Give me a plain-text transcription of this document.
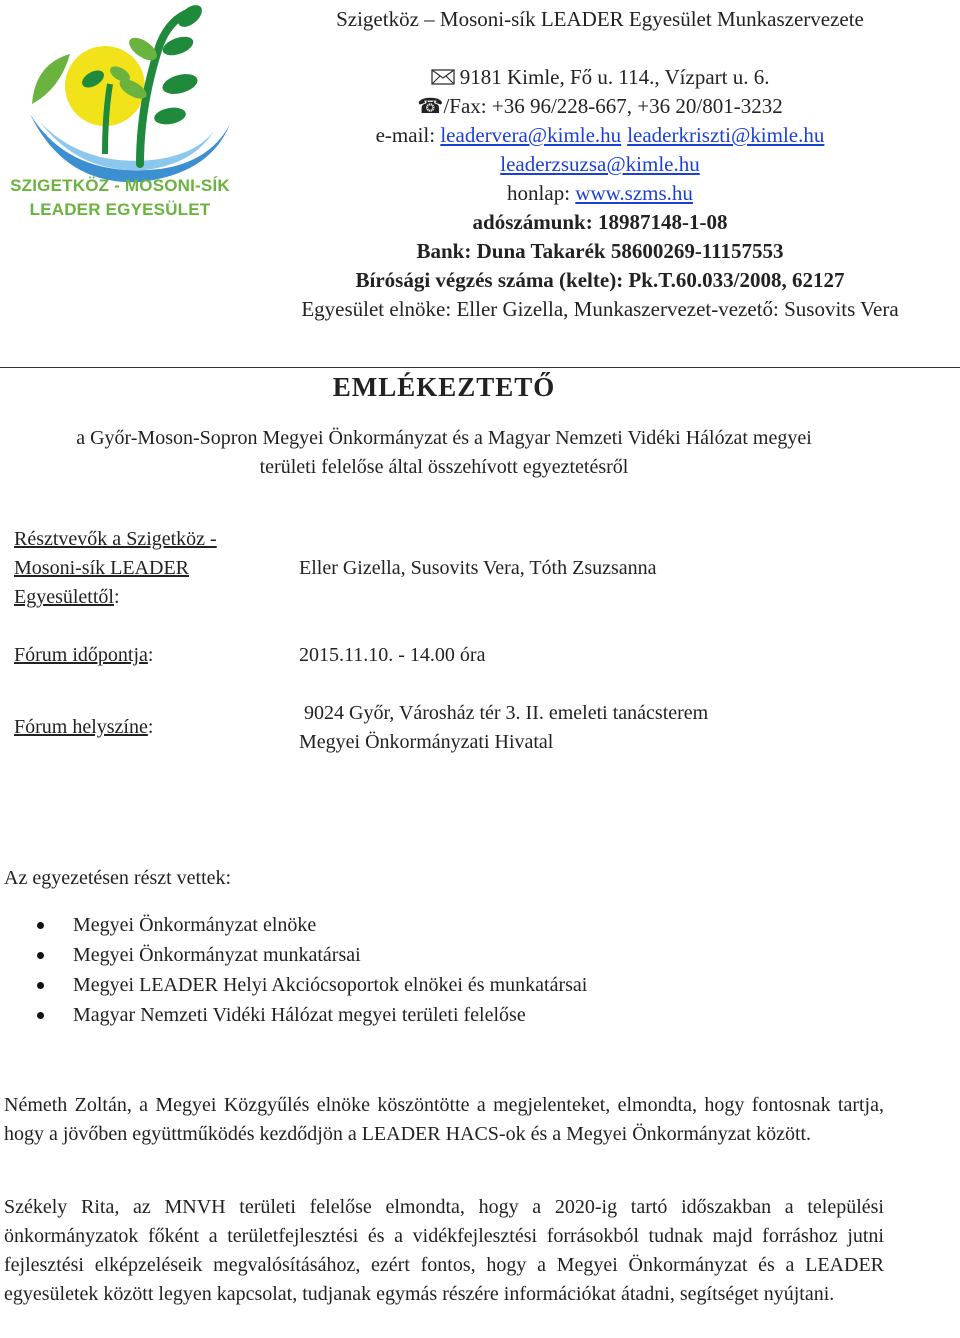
SZIGETKÖZ - MOSONI-SÍK
LEADER EGYESÜLET
Szigetköz – Mosoni-sík LEADER Egyesület Munkaszervezete
9181 Kimle, Fő u. 114., Vízpart u. 6.
☎/Fax: +36 96/228-667, +36 20/801-3232
e-mail: leadervera@kimle.hu leaderkriszti@kimle.hu
leaderzsuzsa@kimle.hu
honlap: www.szms.hu
adószámunk: 18987148-1-08
Bank: Duna Takarék 58600269-11157553
Bírósági végzés száma (kelte): Pk.T.60.033/2008, 62127
Egyesület elnöke: Eller Gizella, Munkaszervezet-vezető: Susovits Vera
EMLÉKEZTETŐ
a Győr-Moson-Sopron Megyei Önkormányzat és a Magyar Nemzeti Vidéki Hálózat megyei
területi felelőse által összehívott egyeztetésről
Résztvevők a Szigetköz -
Mosoni-sík LEADER
Egyesülettől:
Eller Gizella, Susovits Vera, Tóth Zsuzsanna
Fórum időpontja:	2015.11.10. - 14.00 óra
Fórum helyszíne:
9024 Győr, Városház tér 3. II. emeleti tanácsterem
Megyei Önkormányzati Hivatal
Az egyezetésen részt vettek:
Megyei Önkormányzat elnöke
Megyei Önkormányzat munkatársai
Megyei LEADER Helyi Akciócsoportok elnökei és munkatársai
Magyar Nemzeti Vidéki Hálózat megyei területi felelőse
Németh Zoltán, a Megyei Közgyűlés elnöke köszöntötte a megjelenteket, elmondta, hogy fontosnak tartja, hogy a jövőben együttműködés kezdődjön a LEADER HACS-ok és a Megyei Önkormányzat között.
Székely Rita, az MNVH területi felelőse elmondta, hogy a 2020-ig tartó időszakban a települési önkormányzatok főként a területfejlesztési és a vidékfejlesztési forrásokból tudnak majd forráshoz jutni fejlesztési elképzeléseik megvalósításához, ezért fontos, hogy a Megyei Önkormányzat és a LEADER egyesületek között legyen kapcsolat, tudjanak egymás részére információkat átadni, segítséget nyújtani.
